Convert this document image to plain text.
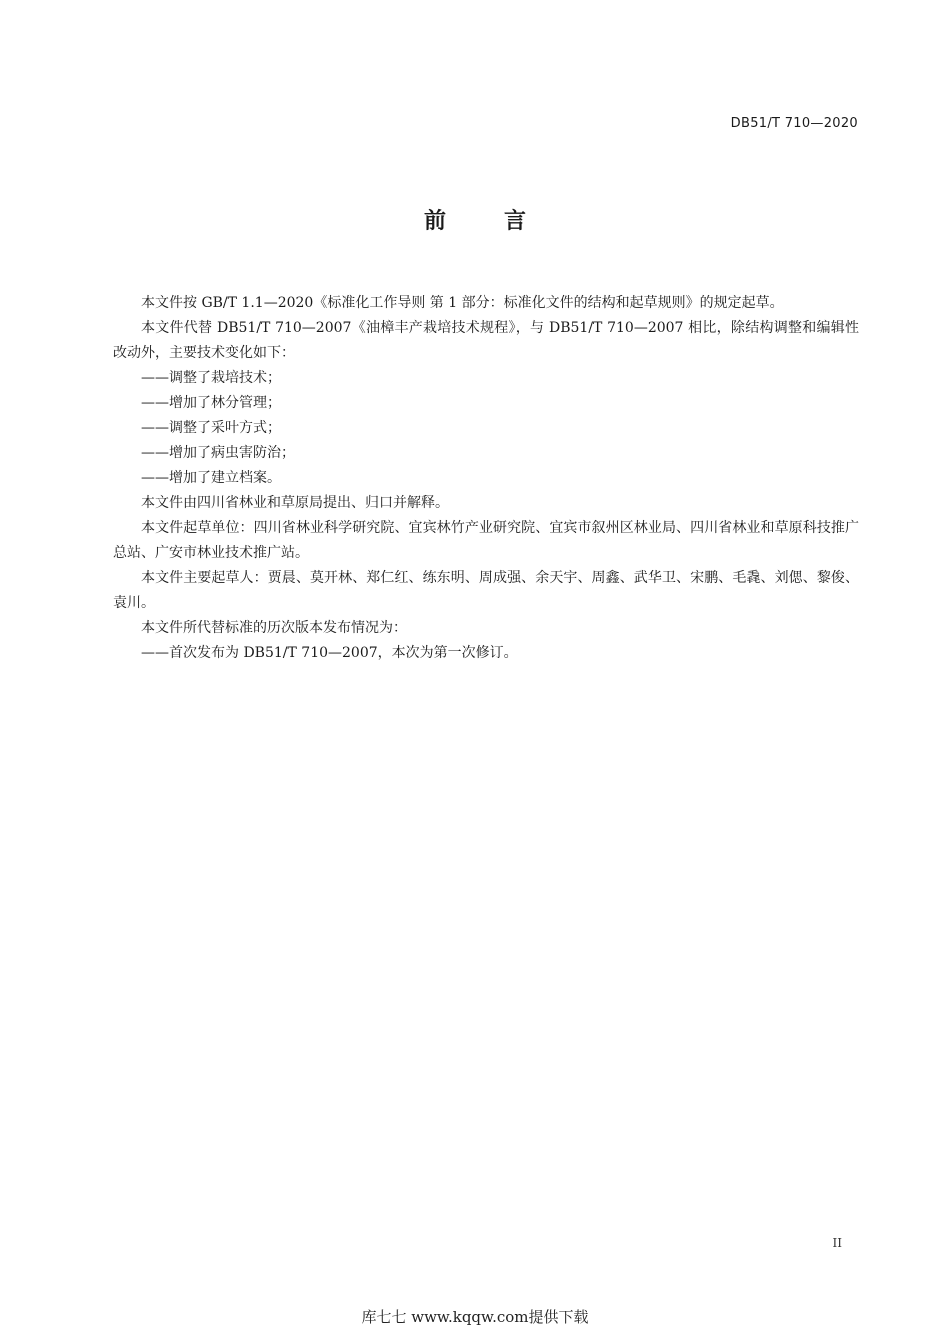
DB51/T 710—2020
前	言

本文件按 GB/T 1.1—2020《标准化工作导则 第 1 部分：标准化文件的结构和起草规则》的规定起草。

本文件代替 DB51/T 710—2007《油樟丰产栽培技术规程》，与 DB51/T 710—2007 相比，除结构调整和编辑性改动外，主要技术变化如下：

——调整了栽培技术；

——增加了林分管理；

——调整了采叶方式；

——增加了病虫害防治；

——增加了建立档案。

本文件由四川省林业和草原局提出、归口并解释。

本文件起草单位：四川省林业科学研究院、宜宾林竹产业研究院、宜宾市叙州区林业局、四川省林业和草原科技推广总站、广安市林业技术推广站。

本文件主要起草人：贾晨、莫开林、郑仁红、练东明、周成强、余天宇、周鑫、武华卫、宋鹏、毛毳、刘偲、黎俊、袁川。

本文件所代替标准的历次版本发布情况为：

——首次发布为 DB51/T 710—2007，本次为第一次修订。

II
库七七 www.kqqw.com提供下载
